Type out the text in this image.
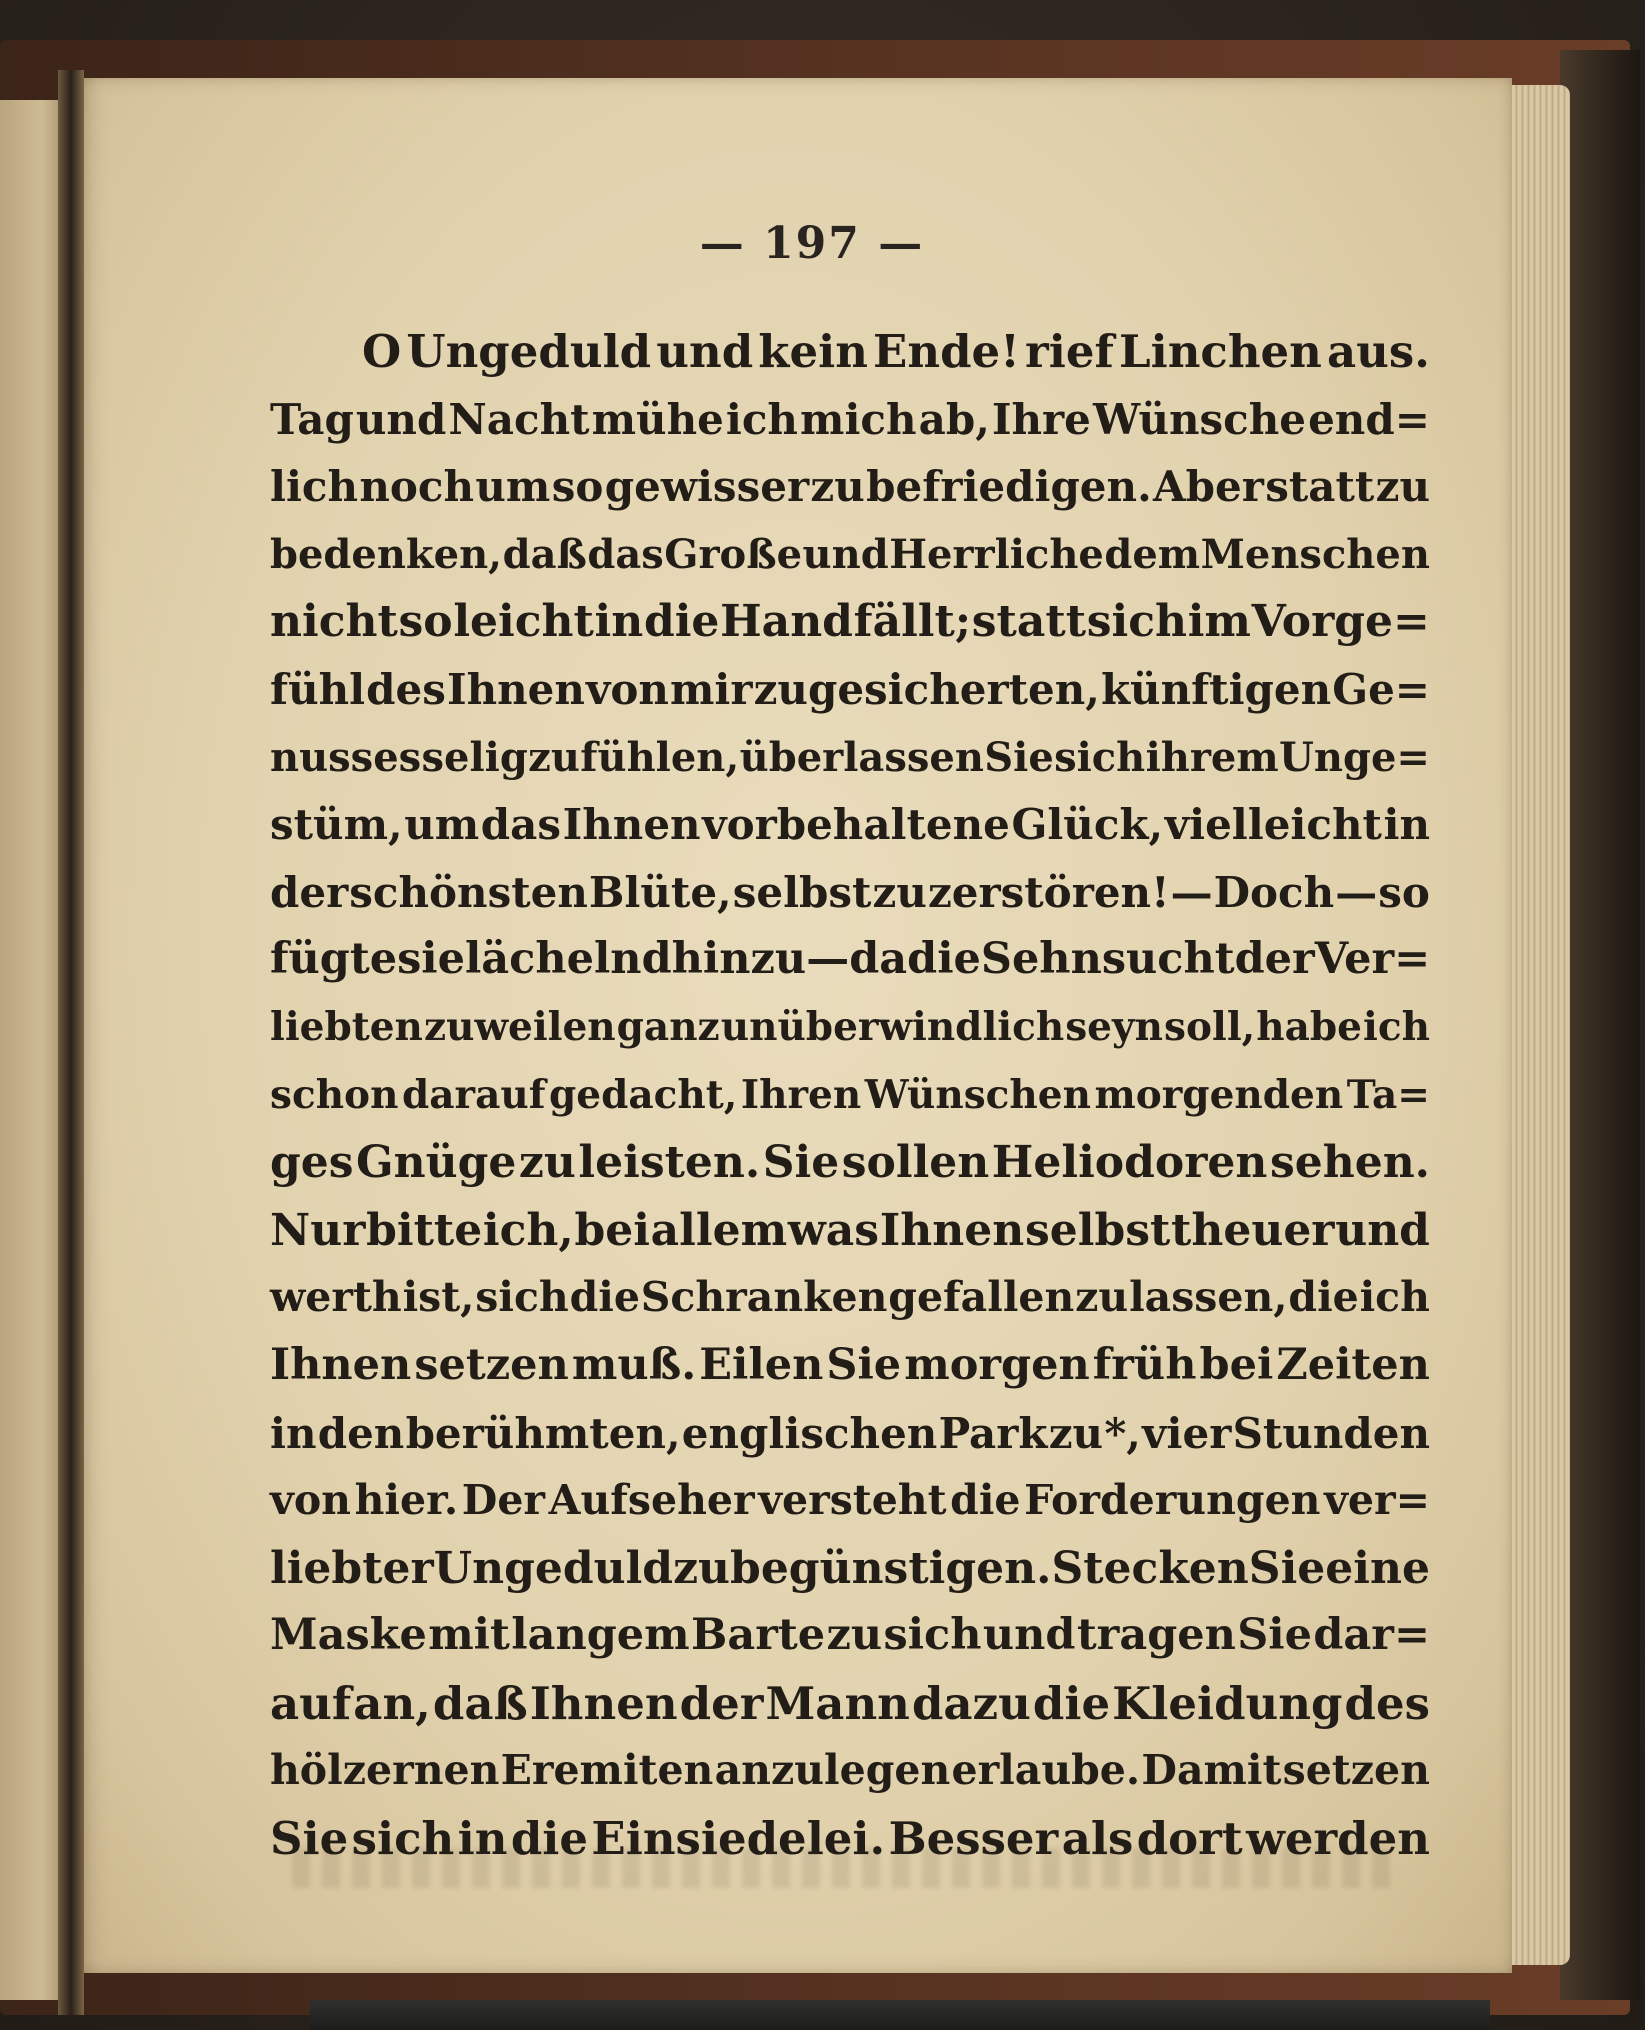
— 197 —
O Ungeduld und kein Ende! rief Linchen aus.
Tag und Nacht mühe ich mich ab, Ihre Wünsche end=
lich noch um so gewisser zu befriedigen. Aber statt zu
bedenken, daß das Große und Herrliche dem Menschen
nicht so leicht in die Hand fällt; statt sich im Vorge=
fühl des Ihnen von mir zugesicherten, künftigen Ge=
nusses selig zu fühlen, überlassen Sie sich ihrem Unge=
stüm, um das Ihnen vorbehaltene Glück, vielleicht in
der schönsten Blüte, selbst zu zerstören! — Doch — so
fügte sie lächelnd hinzu — da die Sehnsucht der Ver=
liebten zuweilen ganz unüberwindlich seyn soll, habe ich
schon darauf gedacht, Ihren Wünschen morgenden Ta=
ges Gnüge zu leisten. Sie sollen Heliodoren sehen.
Nur bitte ich, bei allem was Ihnen selbst theuer und
werth ist, sich die Schranken gefallen zu lassen, die ich
Ihnen setzen muß. Eilen Sie morgen früh bei Zeiten
in den berühmten, englischen Park zu *, vier Stunden
von hier. Der Aufseher versteht die Forderungen ver=
liebter Ungeduld zu begünstigen. Stecken Sie eine
Maske mit langem Barte zu sich und tragen Sie dar=
auf an, daß Ihnen der Mann dazu die Kleidung des
hölzernen Eremiten anzulegen erlaube. Damit setzen
Sie sich in die Einsiedelei. Besser als dort werden
